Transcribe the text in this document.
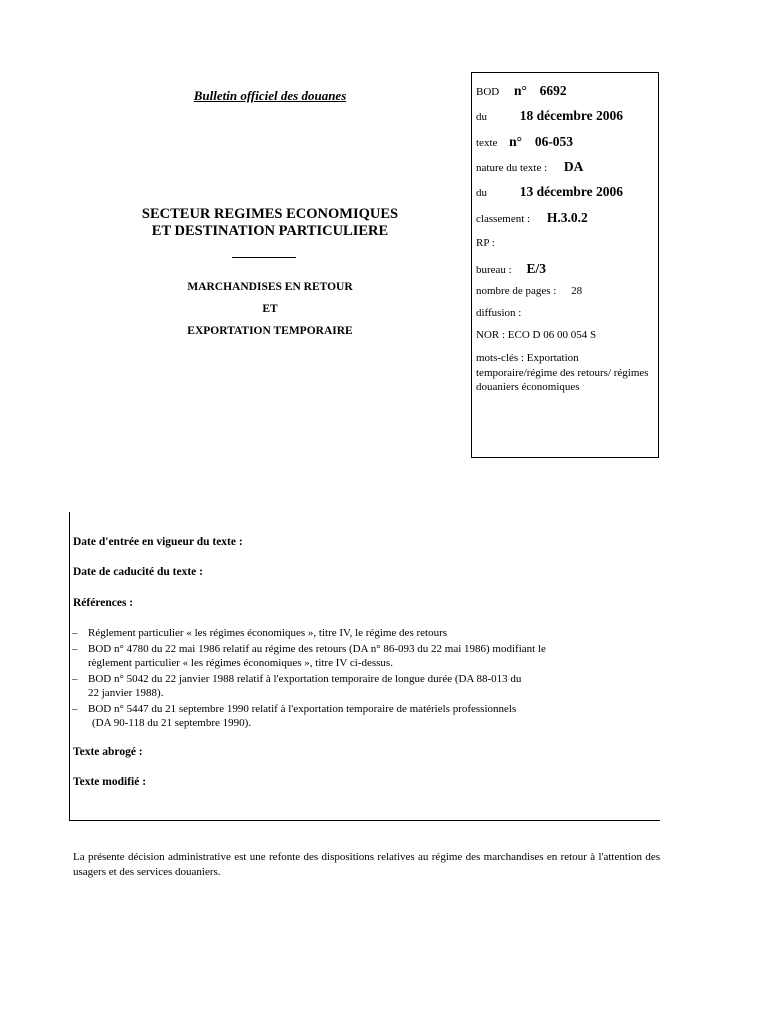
Bulletin officiel des douanes
SECTEUR REGIMES ECONOMIQUES
ET DESTINATION PARTICULIERE
MARCHANDISES EN RETOUR
ET
EXPORTATION TEMPORAIRE
BOD n° 6692
du 18 décembre 2006
texte n° 06-053
nature du texte : DA
du 13 décembre 2006
classement : H.3.0.2
RP :
bureau : E/3
nombre de pages : 28
diffusion :
NOR : ECO D 06 00 054 S
mots-clés : Exportation temporaire/régime des retours/ régimes douaniers économiques
Date d'entrée en vigueur du texte :
Date de caducité du texte :
Références :
– Réglement particulier « les régimes économiques », titre IV, le régime des retours
– BOD n° 4780 du 22 mai 1986 relatif au régime des retours (DA n° 86-093 du 22 mai 1986) modifiant le
règlement particulier « les régimes économiques », titre IV ci-dessus.
– BOD n° 5042 du 22 janvier 1988 relatif à l'exportation temporaire de longue durée (DA 88-013 du
22 janvier 1988).
– BOD n° 5447 du 21 septembre 1990 relatif à l'exportation temporaire de matériels professionnels
(DA 90-118 du 21 septembre 1990).
Texte abrogé :
Texte modifié :
La présente décision administrative est une refonte des dispositions relatives au régime des marchandises en retour à l'attention des usagers et des services douaniers.
